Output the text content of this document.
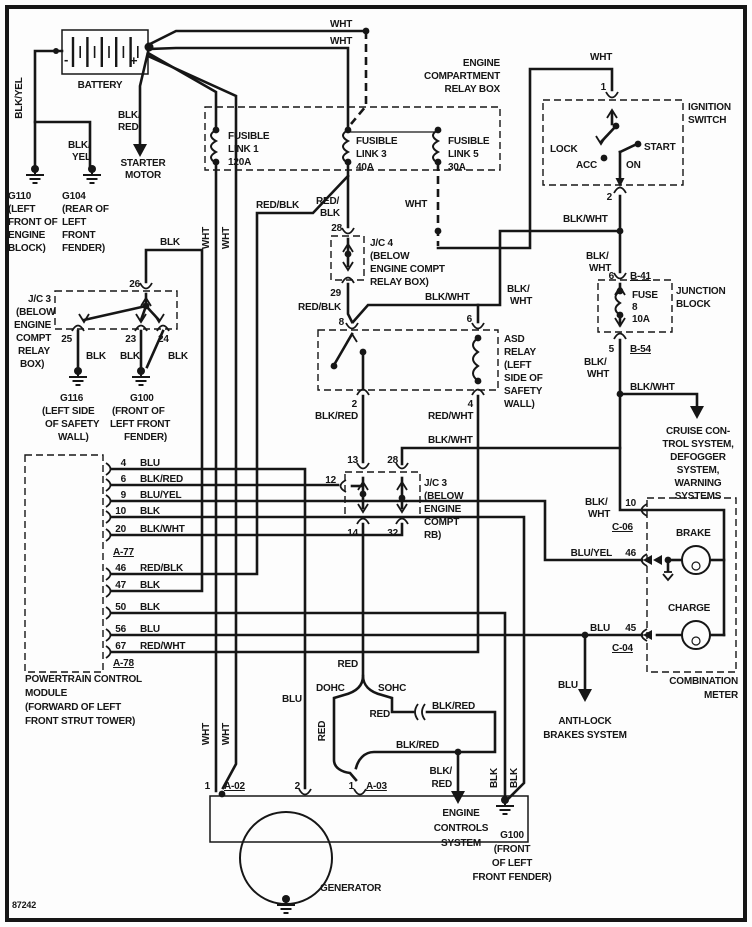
WHT
WHT
-	+
BATTERY
BLK/YEL
BLK/
YEL
BLK/
RED
STARTER
MOTOR
G110
(LEFT
FRONT OF
ENGINE
BLOCK)
G104
(REAR OF
LEFT
FRONT
FENDER)	WHT WHT
ENGINE
COMPARTMENT
RELAY BOX
FUSIBLE
LINK 1
120A
FUSIBLE
LINK 3
40A
FUSIBLE
LINK 5
30A
WHT
IGNITION
SWITCH
1
LOCK
ACC
START
ON
2
BLK/WHT
WHT
RED/BLK RED/
BLK
28
J/C 4
(BELOW
ENGINE COMPT
RELAY BOX)
29
RED/BLK
8
BLK/WHT
BLK/
WHT
BLK/WHT
ASD
RELAY
(LEFT
SIDE OF
SAFETY
WALL)
6
2
BLK/RED
4
RED/WHT
13	28
12
14	32
J/C 3
(BELOW
ENGINE
COMPT
RB)
JUNCTION
BLOCK
6 B-41
FUSE
8
10A
5 B-54
BLK/
WHT
BLK/
WHT
BLK/WHT
CRUISE CON-
TROL SYSTEM,
DEFOGGER
SYSTEM,
WARNING
SYSTEMS
BLK/
WHT
10
C-06
BRAKE
46
BLU/YEL
CHARGE
45
BLU
C-04
COMBINATION
METER
BLU
ANTI-LOCK
BRAKES SYSTEM
4 BLU
6 BLK/RED
9 BLU/YEL
10 BLK
20 BLK/WHT
A-77
46 RED/BLK
47 BLK
50 BLK
56 BLU
67 RED/WHT
A-78
POWERTRAIN CONTROL
MODULE
(FORWARD OF LEFT
FRONT STRUT TOWER)
26
BLK
J/C 3
(BELOW
ENGINE
COMPT
RELAY
BOX)
25	23 24
BLK BLK	BLK
G116
(LEFT SIDE
OF SAFETY
WALL)
G100
(FRONT OF
LEFT FRONT
FENDER)
WHT WHT
BLU
RED
DOHC	SOHC
RED
RED
BLK/RED
BLK/RED
BLK/
RED
ENGINE
CONTROLS
SYSTEM
1 A-02	2	1 A-03
GENERATOR
BLK BLK
G100
(FRONT
OF LEFT
FRONT FENDER)
87242
